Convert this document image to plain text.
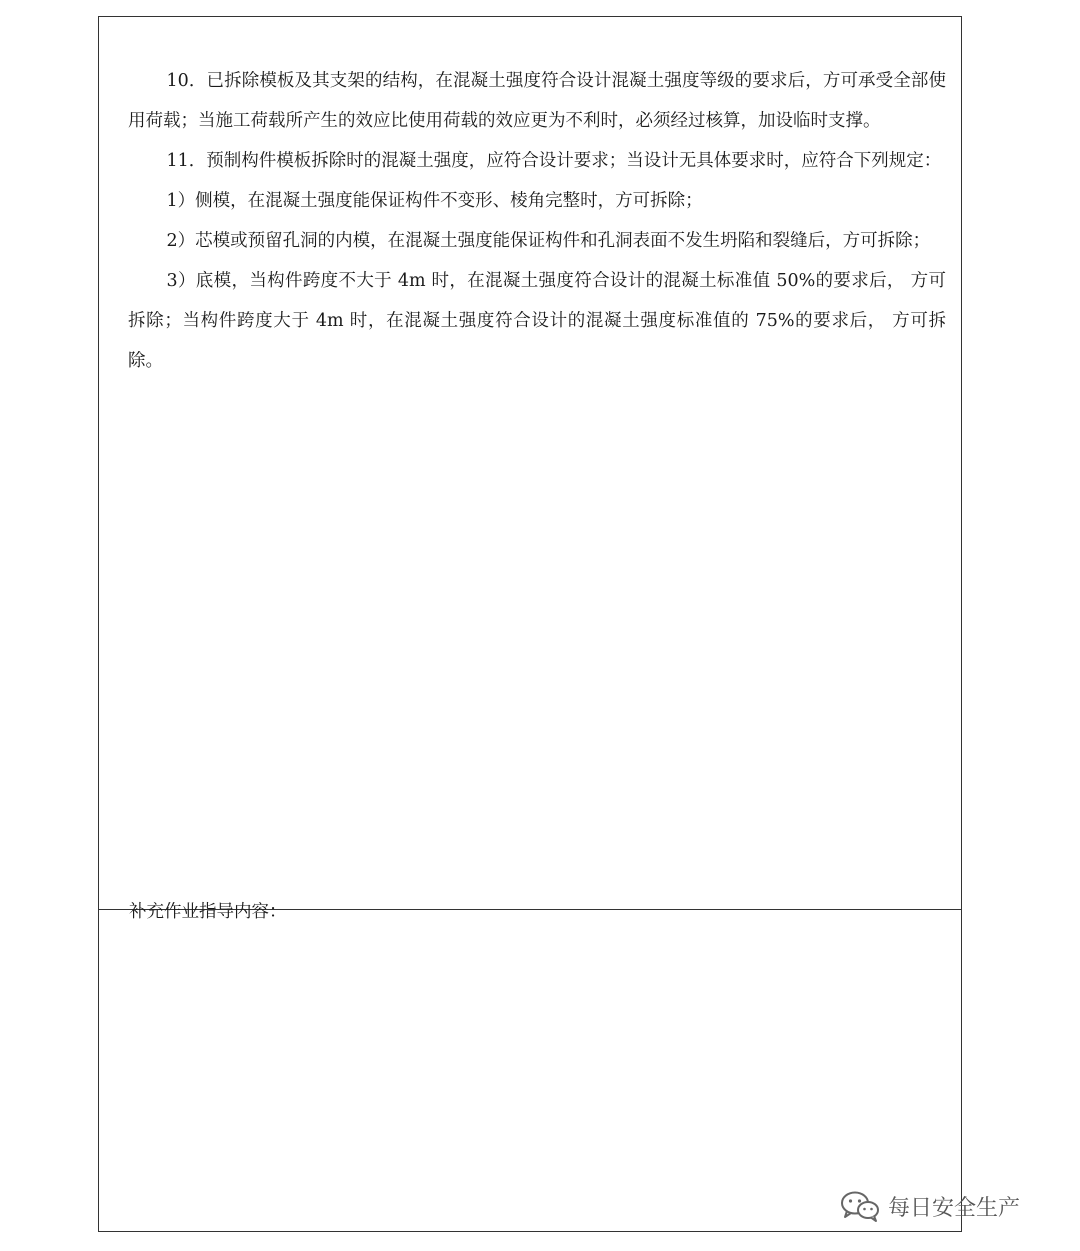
10．已拆除模板及其支架的结构，在混凝土强度符合设计混凝土强度等级的要求后，方可承受全部使用荷载；当施工荷载所产生的效应比使用荷载的效应更为不利时，必须经过核算，加设临时支撑。

11．预制构件模板拆除时的混凝土强度，应符合设计要求；当设计无具体要求时，应符合下列规定：

1）侧模，在混凝土强度能保证构件不变形、棱角完整时，方可拆除；

2）芯模或预留孔洞的内模，在混凝土强度能保证构件和孔洞表面不发生坍陷和裂缝后，方可拆除；

3）底模，当构件跨度不大于 4m 时，在混凝土强度符合设计的混凝土标准值 50%的要求后， 方可拆除；当构件跨度大于 4m 时，在混凝土强度符合设计的混凝土强度标准值的 75%的要求后， 方可拆除。

补充作业指导内容：
每日安全生产
